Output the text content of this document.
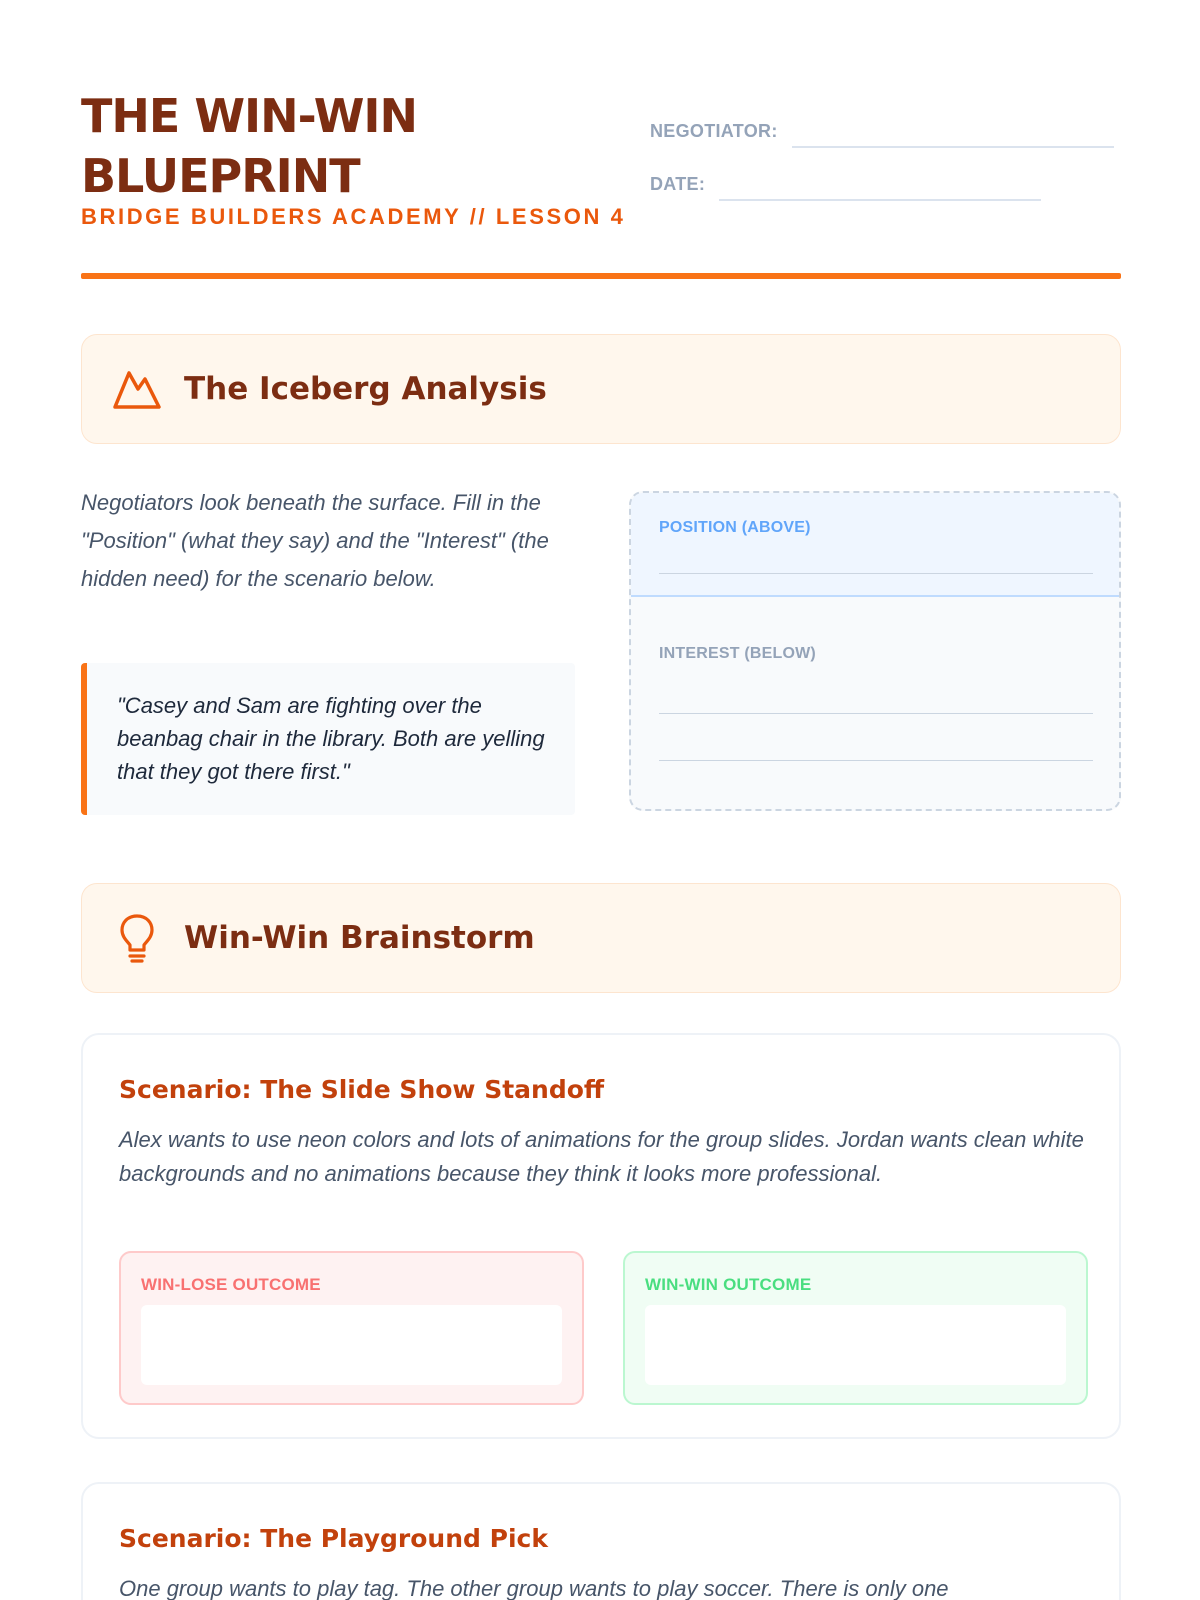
THE WIN-WIN BLUEPRINT
BRIDGE BUILDERS ACADEMY // LESSON 4
NEGOTIATOR:
DATE:
The Iceberg Analysis
Negotiators look beneath the surface. Fill in the "Position" (what they say) and the "Interest" (the hidden need) for the scenario below.
"Casey and Sam are fighting over the beanbag chair in the library. Both are yelling that they got there first."
POSITION (ABOVE)
INTEREST (BELOW)
Win-Win Brainstorm
Scenario: The Slide Show Standoff
Alex wants to use neon colors and lots of animations for the group slides. Jordan wants clean white backgrounds and no animations because they think it looks more professional.
WIN-LOSE OUTCOME	WIN-WIN OUTCOME
Scenario: The Playground Pick
One group wants to play tag. The other group wants to play soccer. There is only one
